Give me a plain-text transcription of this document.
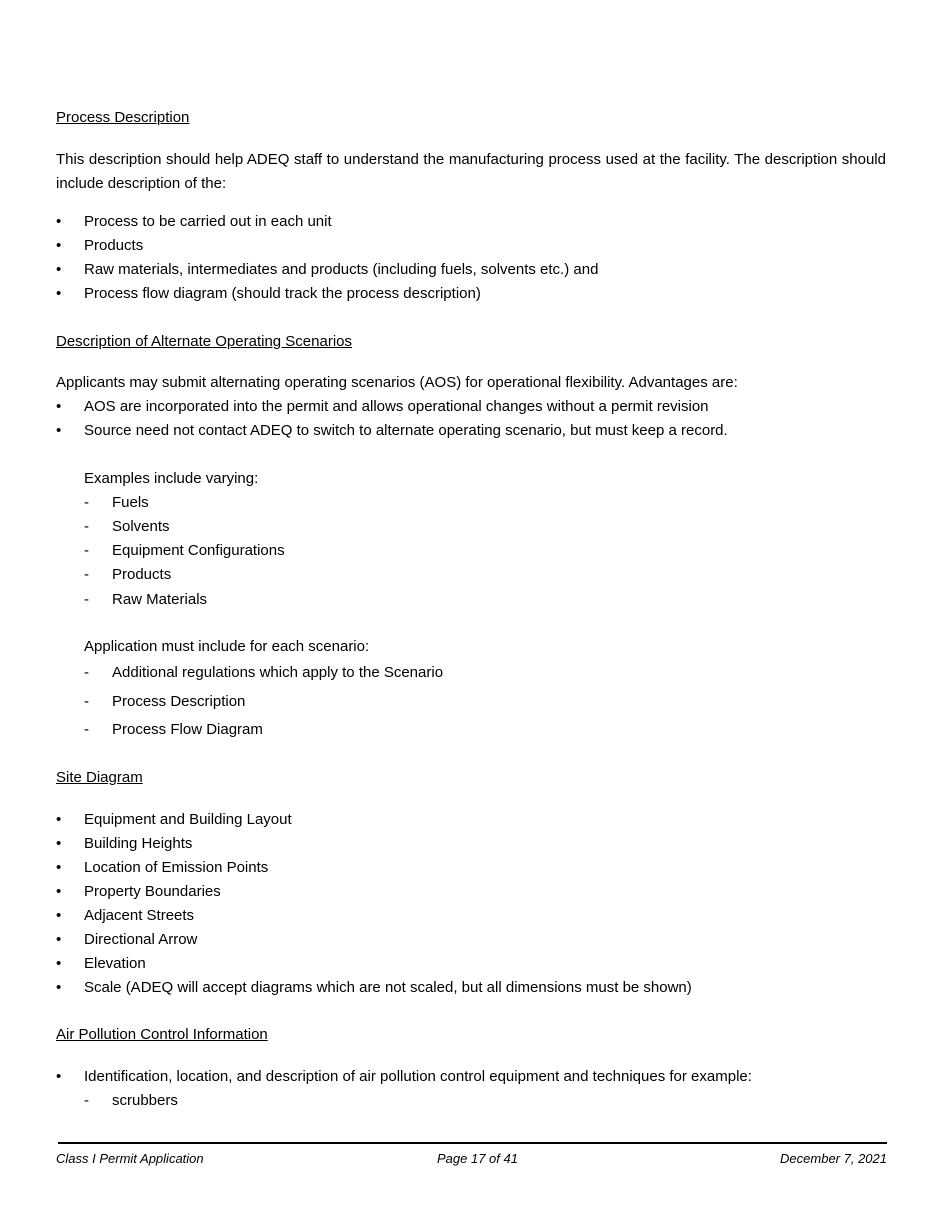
Process Description
This description should help ADEQ staff to understand the manufacturing process used at the facility. The description should include description of the:
• Process to be carried out in each unit
• Products
• Raw materials, intermediates and products (including fuels, solvents etc.) and
• Process flow diagram (should track the process description)
Description of Alternate Operating Scenarios
Applicants may submit alternating operating scenarios (AOS) for operational flexibility. Advantages are:
• AOS are incorporated into the permit and allows operational changes without a permit revision
• Source need not contact ADEQ to switch to alternate operating scenario, but must keep a record.
Examples include varying:
- Fuels
- Solvents
- Equipment Configurations
- Products
- Raw Materials
Application must include for each scenario:
- Additional regulations which apply to the Scenario
- Process Description
- Process Flow Diagram
Site Diagram
• Equipment and Building Layout
• Building Heights
• Location of Emission Points
• Property Boundaries
• Adjacent Streets
• Directional Arrow
• Elevation
• Scale (ADEQ will accept diagrams which are not scaled, but all dimensions must be shown)
Air Pollution Control Information
• Identification, location, and description of air pollution control equipment and techniques for example:
- scrubbers
Class I Permit Application	Page 17 of 41	December 7, 2021
